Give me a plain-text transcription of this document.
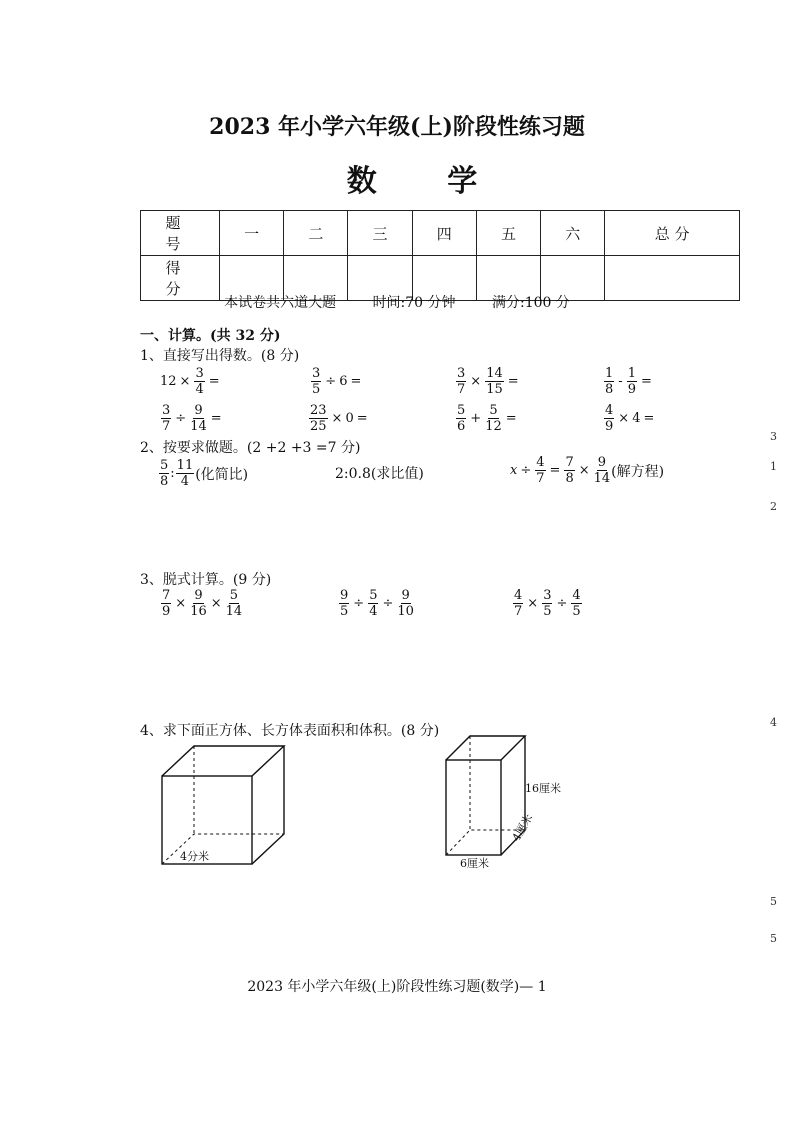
2023 年小学六年级(上)阶段性练习题
数 学
题 号	一	二	三	四	五	六	总 分
得 分							
本试卷共六道大题	时间:70 分钟	满分:100 分
一、计算。(共 32 分)
1、直接写出得数。(8 分)
$12 \times \frac{3}{4}$ =	$\frac{3}{5} \div 6$ =	$\frac{3}{7} \times \frac{14}{15}$ =	$\frac{1}{8} - \frac{1}{9}$ =
$\frac{3}{7} \div \frac{9}{14}$ =	$\frac{23}{25} \times 0$ =	$\frac{5}{6} + \frac{5}{12}$ =	$\frac{4}{9} \times 4$ =
2、按要求做题。(2 +2 +3 =7 分)
$\frac{5}{8}$ : $\frac{11}{4}$ (化简比)	2:0.8(求比值)	$x \div \frac{4}{7} = \frac{7}{8} \times \frac{9}{14}$ (解方程)
3、脱式计算。(9 分)
$\frac{7}{9} \times \frac{9}{16} \times \frac{5}{14}$	$\frac{9}{5} \div \frac{5}{4} \div \frac{9}{10}$	$\frac{4}{7} \times \frac{3}{5} \div \frac{4}{5}$
4、求下面正方体、长方体表面积和体积。(8 分)
4分米
16厘米
6厘米
4厘米
2023 年小学六年级(上)阶段性练习题(数学)— 1
1
3
2
4
5
5
